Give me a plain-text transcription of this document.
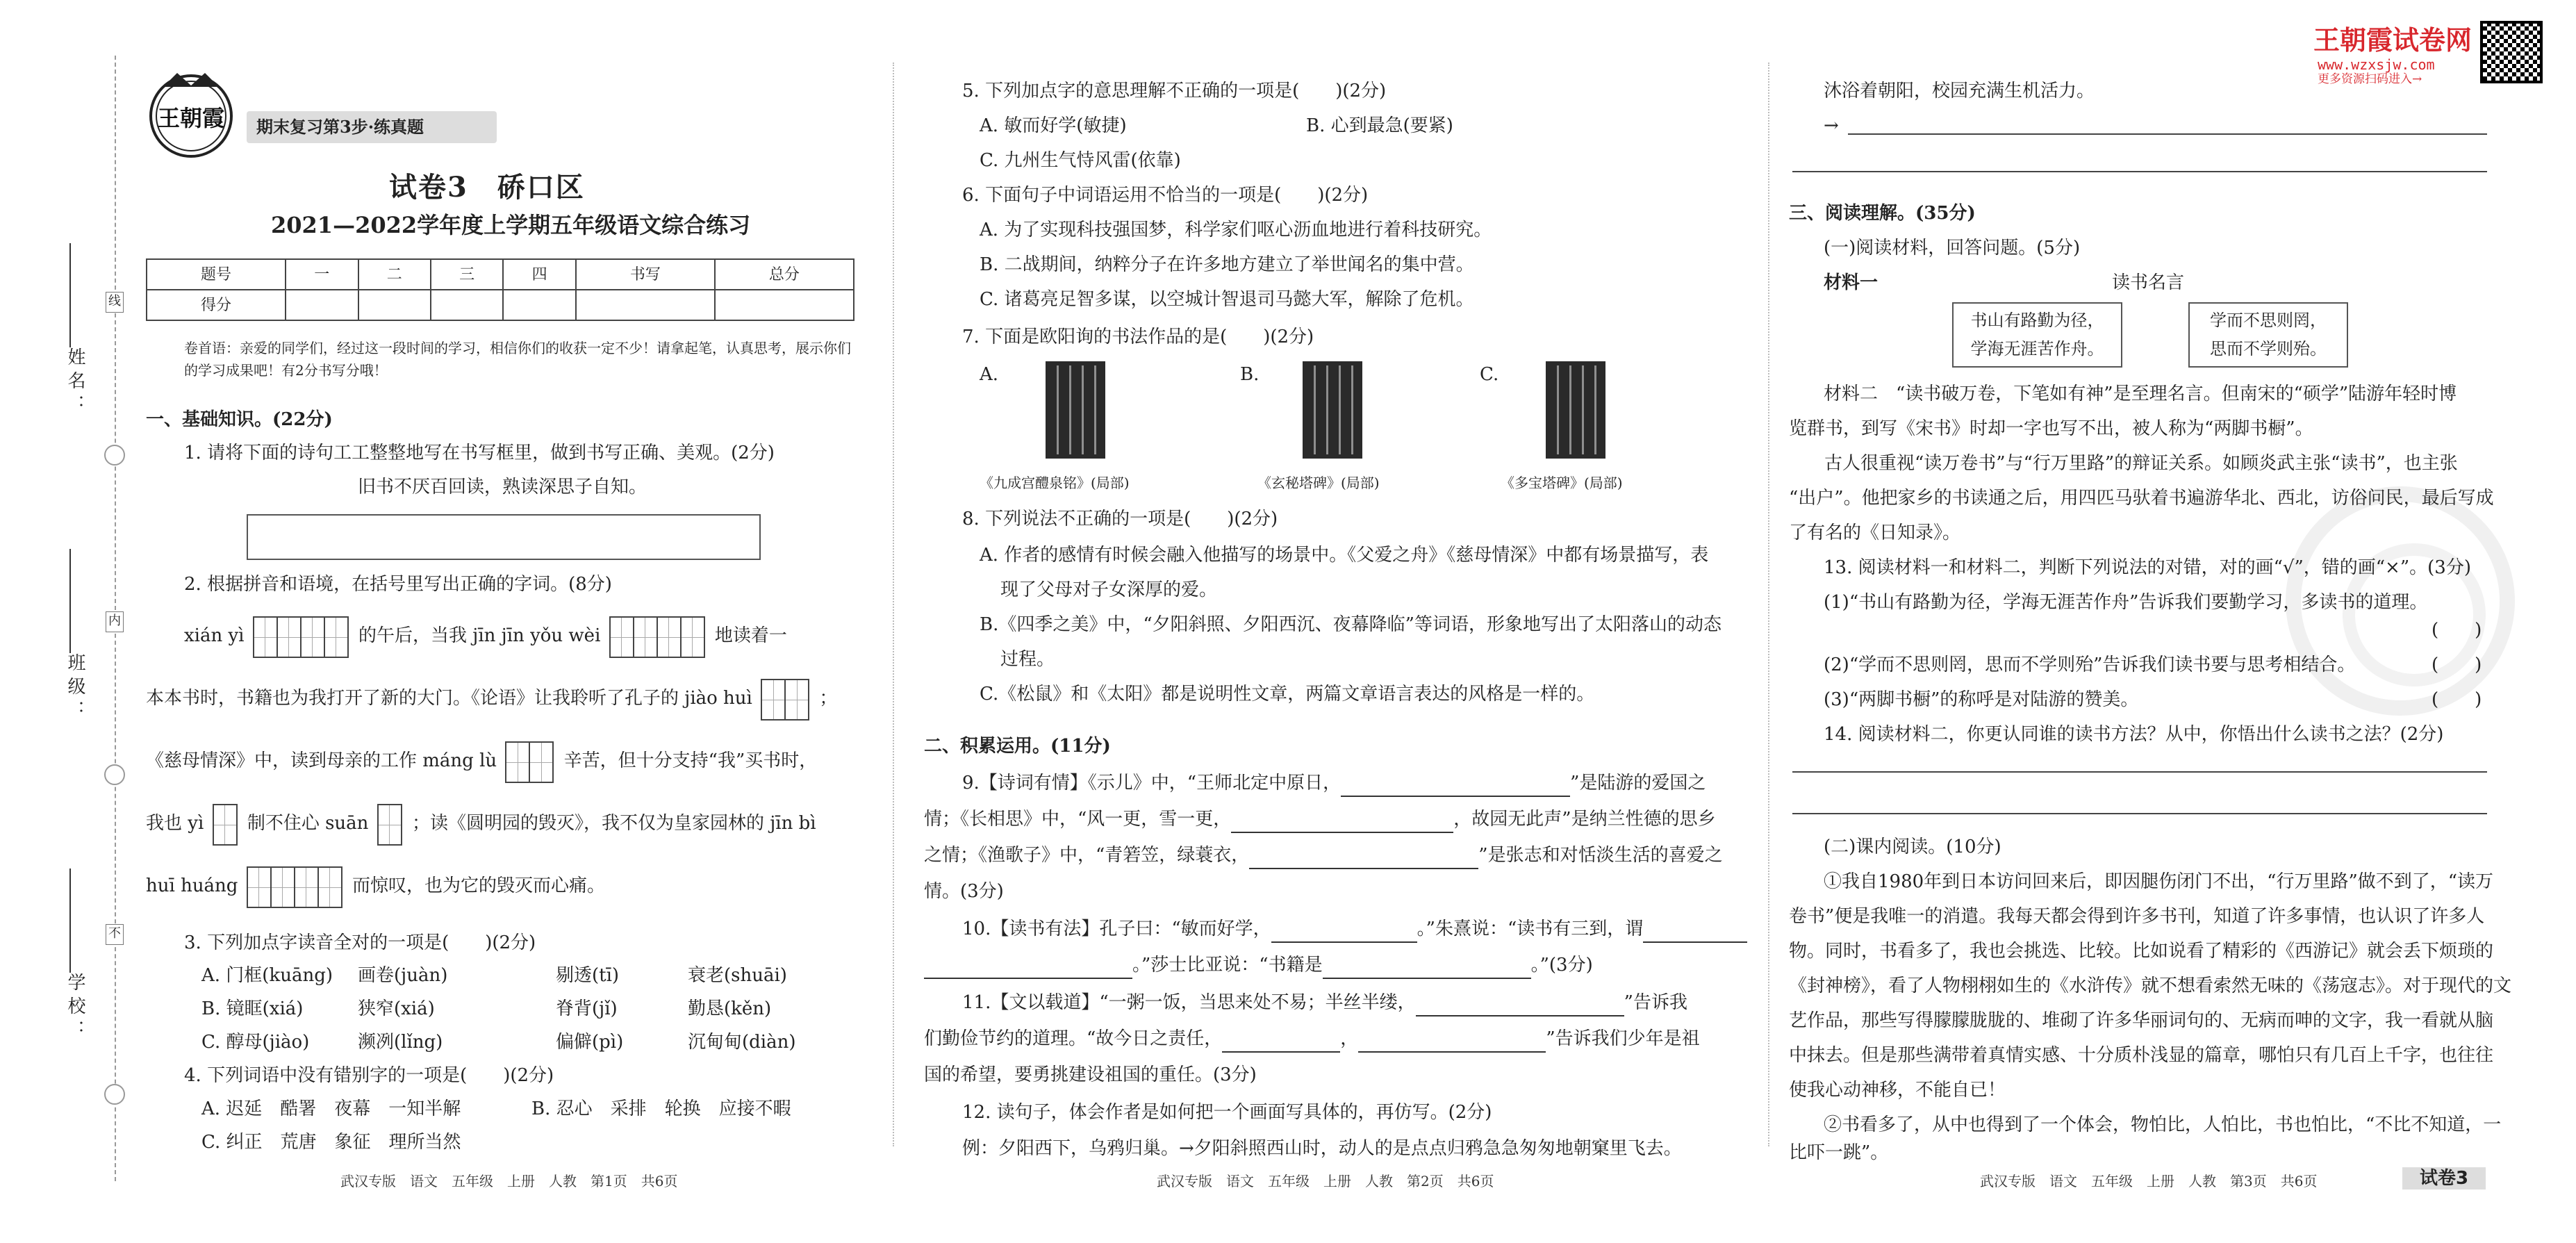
姓名：
班级：
学校：
线
内
不
王朝霞试卷网
www.wzxsjw.com
更多资源扫码进入→
王朝霞	期末复习第3步·练真题
试卷3　硚口区
2021—2022学年度上学期五年级语文综合练习
题号	一	二	三	四	书写	总分
得分						
卷首语：亲爱的同学们，经过这一段时间的学习，相信你们的收获一定不少！请拿起笔，认真思考，展示你们的学习成果吧！有2分书写分哦！
一、基础知识。(22分)
1. 请将下面的诗句工工整整地写在书写框里，做到书写正确、美观。(2分)
旧书不厌百回读，熟读深思子自知。
2. 根据拼音和语境，在括号里写出正确的字词。(8分)
xián yì	的午后，当我 jīn jīn yǒu wèi	地读着一
本本书时，书籍也为我打开了新的大门。《论语》让我聆听了孔子的 jiào huì	；
《慈母情深》中，读到母亲的工作 máng lù	辛苦，但十分支持“我”买书时，
我也 yì 制不住心 suān ；读《圆明园的毁灭》，我不仅为皇家园林的 jīn bì
huī huáng	而惊叹，也为它的毁灭而心痛。
3. 下列加点字读音全对的一项是(　　)(2分)
A. 门框(kuāng) 画卷(juàn)	剔透(tī)	衰老(shuāi)
B. 镜眶(xiá)	狭窄(xiá)	脊背(jǐ)	勤恳(kěn)
C. 醇母(jiào)	濒冽(lǐng)	偏僻(pì)	沉甸甸(diàn)
4. 下列词语中没有错别字的一项是(　　)(2分)
A. 迟延　酷署　夜幕　一知半解	B. 忍心　采排　轮换　应接不暇
C. 纠正　荒唐　象征　理所当然
武汉专版　语文　五年级　上册　人教　第1页　共6页
5. 下列加点字的意思理解不正确的一项是(　　)(2分)
A. 敏而好学(敏捷)	B. 心到最急(要紧)
C. 九州生气恃风雷(依靠)
6. 下面句子中词语运用不恰当的一项是(　　)(2分)
A. 为了实现科技强国梦，科学家们呕心沥血地进行着科技研究。
B. 二战期间，纳粹分子在许多地方建立了举世闻名的集中营。
C. 诸葛亮足智多谋，以空城计智退司马懿大军，解除了危机。
7. 下面是欧阳询的书法作品的是(　　)(2分)
A.
《九成宫醴泉铭》(局部)
B.
《玄秘塔碑》(局部)
C.
《多宝塔碑》(局部)
8. 下列说法不正确的一项是(　　)(2分)
A. 作者的感情有时候会融入他描写的场景中。《父爱之舟》《慈母情深》中都有场景描写，表
现了父母对子女深厚的爱。
B.《四季之美》中，“夕阳斜照、夕阳西沉、夜幕降临”等词语，形象地写出了太阳落山的动态
过程。
C.《松鼠》和《太阳》都是说明性文章，两篇文章语言表达的风格是一样的。
二、积累运用。(11分)
9.【诗词有情】《示儿》中，“王师北定中原日，	”是陆游的爱国之
情；《长相思》中，“风一更，雪一更，	，故园无此声”是纳兰性德的思乡
之情；《渔歌子》中，“青箬笠，绿蓑衣，	”是张志和对恬淡生活的喜爱之
情。(3分)
10.【读书有法】孔子曰：“敏而好学，	。”朱熹说：“读书有三到，谓
。”莎士比亚说：“书籍是	。”(3分)
11.【文以载道】“一粥一饭，当思来处不易；半丝半缕，	”告诉我
们勤俭节约的道理。“故今日之责任，	，	”告诉我们少年是祖
国的希望，要勇挑建设祖国的重任。(3分)
12. 读句子，体会作者是如何把一个画面写具体的，再仿写。(2分)
例：夕阳西下，乌鸦归巢。→夕阳斜照西山时，动人的是点点归鸦急急匆匆地朝窠里飞去。
武汉专版　语文　五年级　上册　人教　第2页　共6页
沐浴着朝阳，校园充满生机活力。
→
三、阅读理解。(35分)
(一)阅读材料，回答问题。(5分)
材料一	读书名言
书山有路勤为径，
学海无涯苦作舟。
学而不思则罔，
思而不学则殆。
材料二　“读书破万卷，下笔如有神”是至理名言。但南宋的“硕学”陆游年轻时博
览群书，到写《宋书》时却一字也写不出，被人称为“两脚书橱”。
　古人很重视“读万卷书”与“行万里路”的辩证关系。如顾炎武主张“读书”，也主张
“出户”。他把家乡的书读通之后，用四匹马驮着书遍游华北、西北，访俗问民，最后写成
了有名的《日知录》。
13. 阅读材料一和材料二，判断下列说法的对错，对的画“√”，错的画“×”。(3分)
(1)“书山有路勤为径，学海无涯苦作舟”告诉我们要勤学习，多读书的道理。
(　　)
(2)“学而不思则罔，思而不学则殆”告诉我们读书要与思考相结合。	(　　)
(3)“两脚书橱”的称呼是对陆游的赞美。	(　　)
14. 阅读材料二，你更认同谁的读书方法？从中，你悟出什么读书之法？(2分)
(二)课内阅读。(10分)
①我自1980年到日本访问回来后，即因腿伤闭门不出，“行万里路”做不到了，“读万
卷书”便是我唯一的消遣。我每天都会得到许多书刊，知道了许多事情，也认识了许多人
物。同时，书看多了，我也会挑选、比较。比如说看了精彩的《西游记》就会丢下烦琐的
《封神榜》，看了人物栩栩如生的《水浒传》就不想看索然无味的《荡寇志》。对于现代的文
艺作品，那些写得朦朦胧胧的、堆砌了许多华丽词句的、无病而呻的文字，我一看就从脑
中抹去。但是那些满带着真情实感、十分质朴浅显的篇章，哪怕只有几百上千字，也往往
使我心动神移，不能自已！
②书看多了，从中也得到了一个体会，物怕比，人怕比，书也怕比，“不比不知道，一
比吓一跳”。
武汉专版　语文　五年级　上册　人教　第3页　共6页	试卷3
